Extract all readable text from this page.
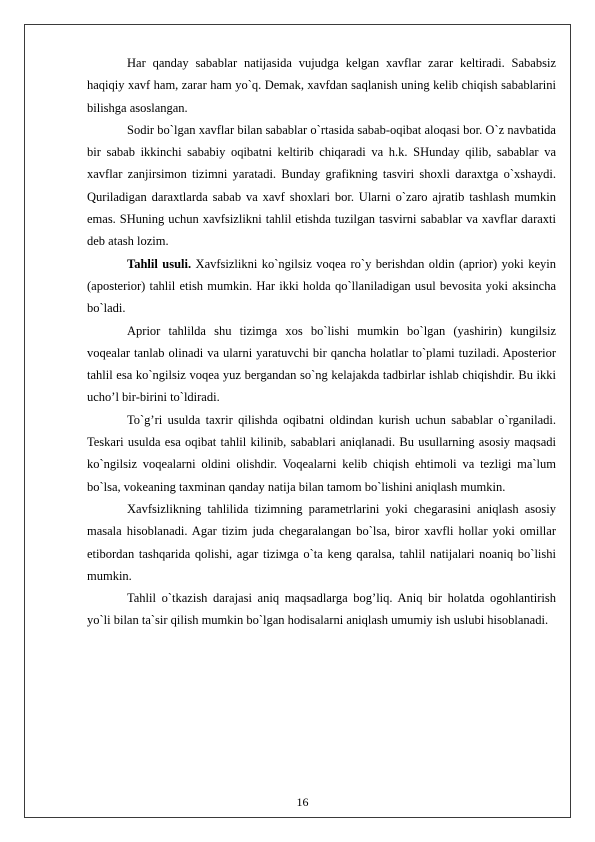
Har qanday sabablar natijasida vujudga kelgan xavflar zarar keltiradi. Sababsiz haqiqiy xavf ham, zarar ham yo`q. Demak, xavfdan saqlanish uning kelib chiqish sabablarini bilishga asoslangan.

Sodir bo`lgan xavflar bilan sabablar o`rtasida sabab-oqibat aloqasi bor. O`z navbatida bir sabab ikkinchi sababiy oqibatni keltirib chiqaradi va h.k. SHunday qilib, sabablar va xavflar zanjirsimon tizimni yaratadi. Bunday grafikning tasviri shoxli daraxtga o`xshaydi. Quriladigan daraxtlarda sabab va xavf shoxlari bor. Ularni o`zaro ajratib tashlash mumkin emas. SHuning uchun xavfsizlikni tahlil etishda tuzilgan tasvirni sabablar va xavflar daraxti deb atash lozim.

Tahlil usuli. Xavfsizlikni ko`ngilsiz voqea ro`y berishdan oldin (aprior) yoki keyin (aposterior) tahlil etish mumkin. Har ikki holda qo`llaniladigan usul bevosita yoki aksincha bo`ladi.

Aprior tahlilda shu tizimga xos bo`lishi mumkin bo`lgan (yashirin) kungilsiz voqealar tanlab olinadi va ularni yaratuvchi bir qancha holatlar to`plami tuziladi. Aposterior tahlil esa ko`ngilsiz voqea yuz bergandan so`ng kelajakda tadbirlar ishlab chiqishdir. Bu ikki ucho’l bir-birini to`ldiradi.

To`g’ri usulda taxrir qilishda oqibatni oldindan kurish uchun sabablar o`rganiladi. Teskari usulda esa oqibat tahlil kilinib, sabablari aniqlanadi. Bu usullarning asosiy maqsadi ko`ngilsiz voqealarni oldini olishdir. Voqealarni kelib chiqish ehtimoli va tezligi ma`lum bo`lsa, vokeaning taxminan qanday natija bilan tamom bo`lishini aniqlash mumkin.

Xavfsizlikning tahlilida tizimning parametrlarini yoki chegarasini aniqlash asosiy masala hisoblanadi. Agar tizim juda chegaralangan bo`lsa, biror xavfli hollar yoki omillar etibordan tashqarida qolishi, agar tiziмga o`ta keng qaralsa, tahlil natijalari noaniq bo`lishi mumkin.

Tahlil o`tkazish darajasi aniq maqsadlarga bog’liq. Aniq bir holatda ogohlantirish yo`li bilan ta`sir qilish mumkin bo`lgan hodisalarni aniqlash umumiy ish uslubi hisoblanadi.

16
